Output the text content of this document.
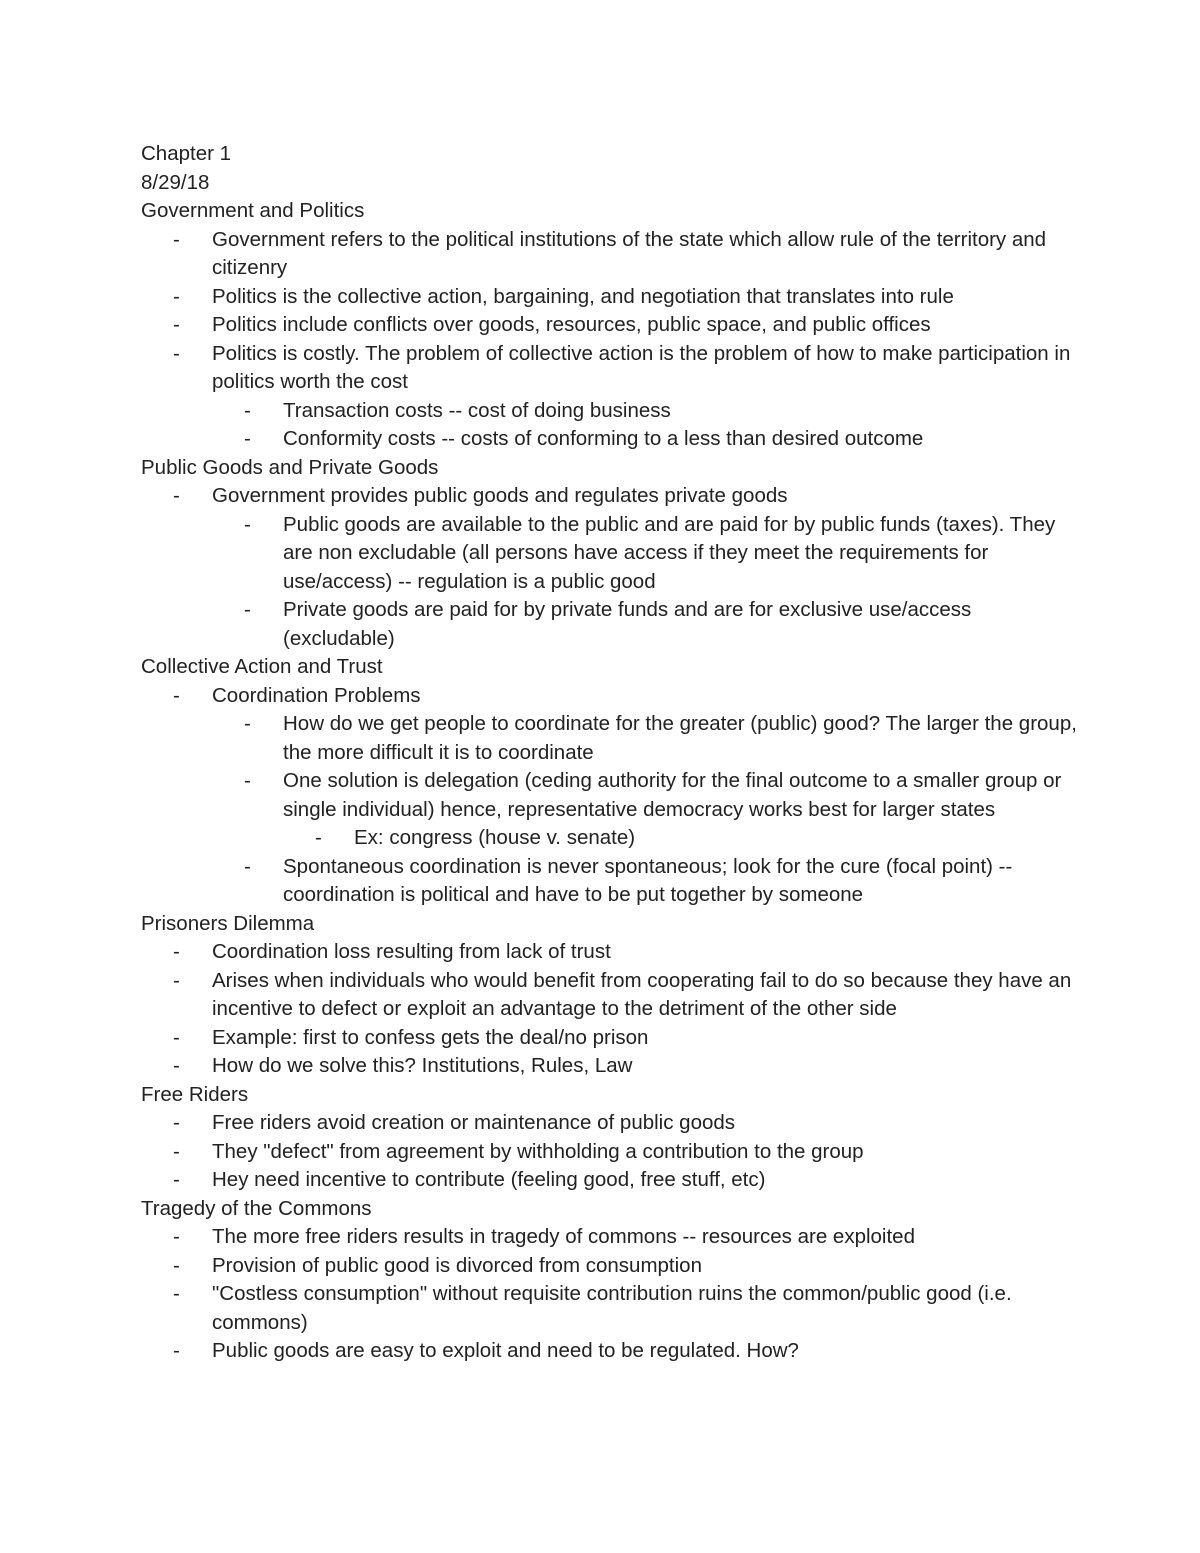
Chapter 1

8/29/18

Government and Politics

-	Government refers to the political institutions of the state which allow rule of the territory and citizenry
-	Politics is the collective action, bargaining, and negotiation that translates into rule
-	Politics include conflicts over goods, resources, public space, and public offices
-	Politics is costly. The problem of collective action is the problem of how to make participation in politics worth the cost
-	Transaction costs -- cost of doing business
-	Conformity costs -- costs of conforming to a less than desired outcome

Public Goods and Private Goods

-	Government provides public goods and regulates private goods
-	Public goods are available to the public and are paid for by public funds (taxes). They are non excludable (all persons have access if they meet the requirements for use/access) -- regulation is a public good
-	Private goods are paid for by private funds and are for exclusive use/access (excludable)

Collective Action and Trust

-	Coordination Problems
-	How do we get people to coordinate for the greater (public) good? The larger the group, the more difficult it is to coordinate
-	One solution is delegation (ceding authority for the final outcome to a smaller group or single individual) hence, representative democracy works best for larger states
-	Ex: congress (house v. senate)
-	Spontaneous coordination is never spontaneous; look for the cure (focal point) -- coordination is political and have to be put together by someone

Prisoners Dilemma

-	Coordination loss resulting from lack of trust
-	Arises when individuals who would benefit from cooperating fail to do so because they have an incentive to defect or exploit an advantage to the detriment of the other side
-	Example: first to confess gets the deal/no prison
-	How do we solve this? Institutions, Rules, Law

Free Riders

-	Free riders avoid creation or maintenance of public goods
-	They "defect" from agreement by withholding a contribution to the group
-	Hey need incentive to contribute (feeling good, free stuff, etc)

Tragedy of the Commons

-	The more free riders results in tragedy of commons -- resources are exploited
-	Provision of public good is divorced from consumption
-	"Costless consumption" without requisite contribution ruins the common/public good (i.e. commons)
-	Public goods are easy to exploit and need to be regulated. How?
